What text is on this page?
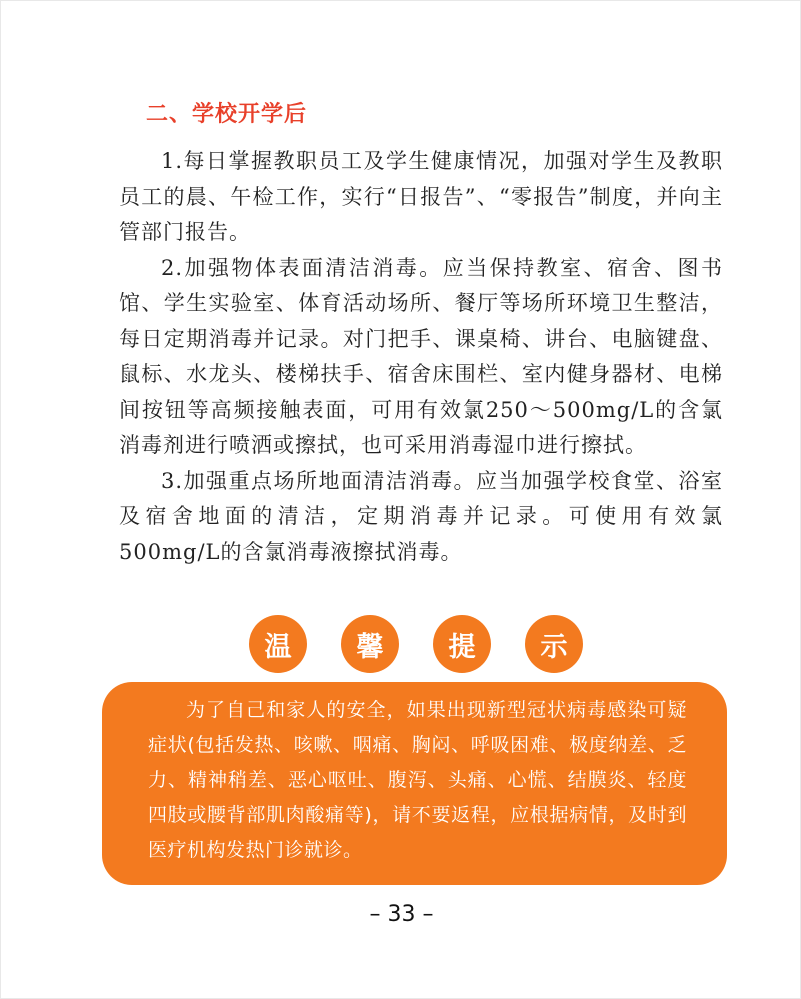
二、学校开学后

1.每日掌握教职员工及学生健康情况，加强对学生及教职员工的晨、午检工作，实行“日报告”、“零报告”制度，并向主管部门报告。

2.加强物体表面清洁消毒。应当保持教室、宿舍、图书馆、学生实验室、体育活动场所、餐厅等场所环境卫生整洁，每日定期消毒并记录。对门把手、课桌椅、讲台、电脑键盘、鼠标、水龙头、楼梯扶手、宿舍床围栏、室内健身器材、电梯间按钮等高频接触表面，可用有效氯250～500mg/L的含氯消毒剂进行喷洒或擦拭，也可采用消毒湿巾进行擦拭。

3.加强重点场所地面清洁消毒。应当加强学校食堂、浴室及宿舍地面的清洁，定期消毒并记录。可使用有效氯500mg/L的含氯消毒液擦拭消毒。

温	馨	提	示

为了自己和家人的安全，如果出现新型冠状病毒感染可疑症状(包括发热、咳嗽、咽痛、胸闷、呼吸困难、极度纳差、乏力、精神稍差、恶心呕吐、腹泻、头痛、心慌、结膜炎、轻度四肢或腰背部肌肉酸痛等)，请不要返程，应根据病情，及时到医疗机构发热门诊就诊。

– 33 –
